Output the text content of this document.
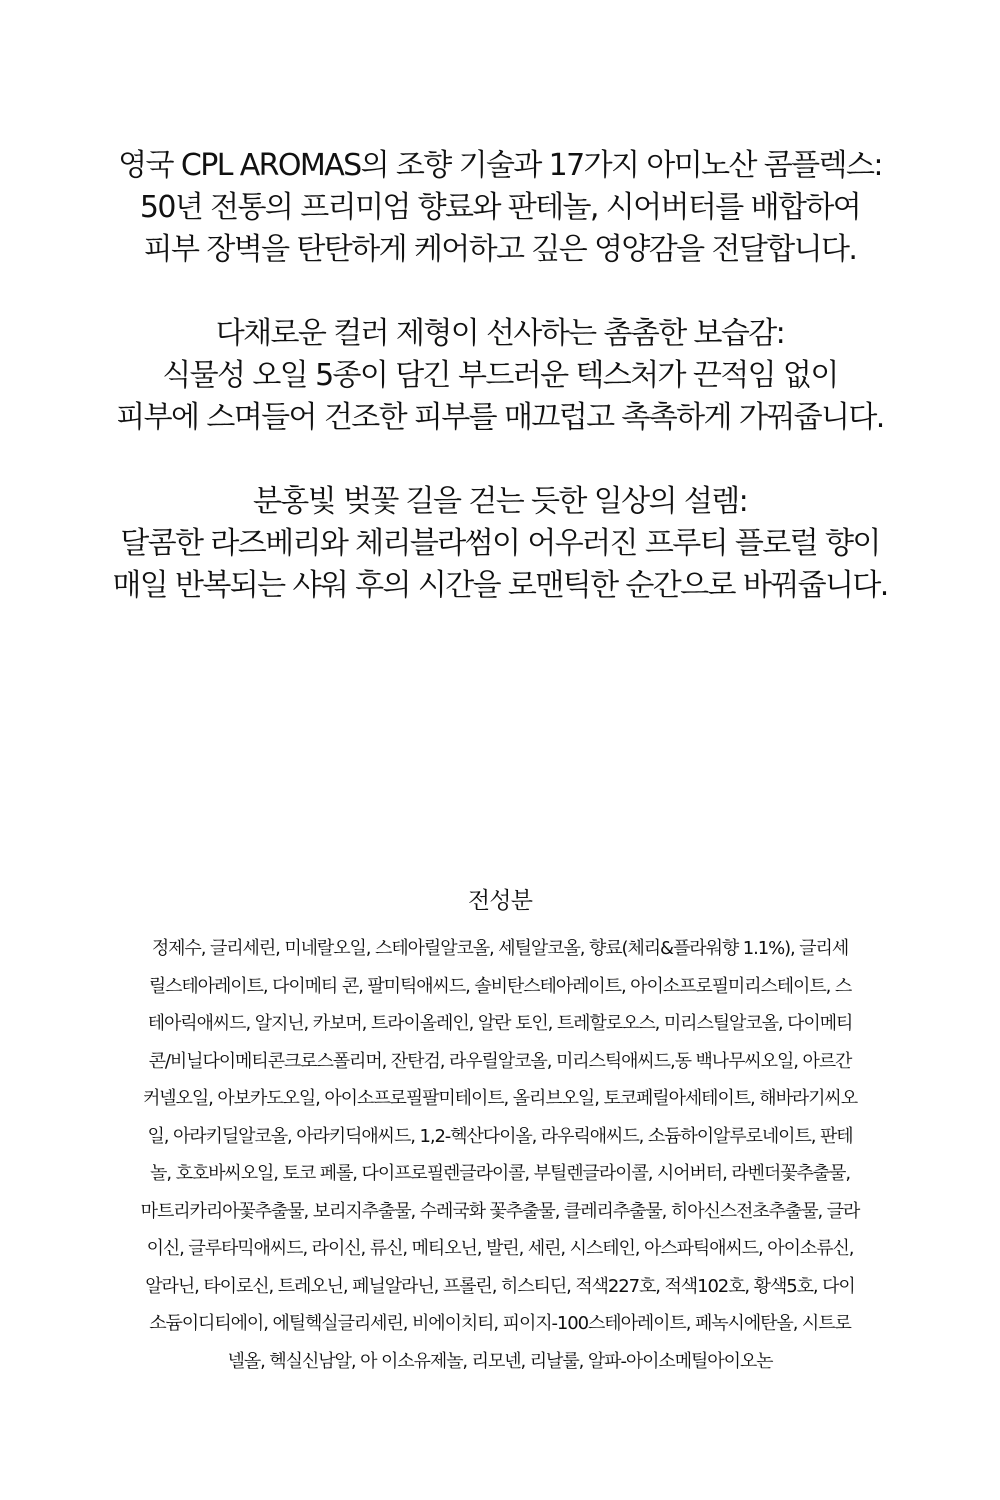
영국 CPL AROMAS의 조향 기술과 17가지 아미노산 콤플렉스:
50년 전통의 프리미엄 향료와 판테놀, 시어버터를 배합하여
피부 장벽을 탄탄하게 케어하고 깊은 영양감을 전달합니다.
다채로운 컬러 제형이 선사하는 촘촘한 보습감:
식물성 오일 5종이 담긴 부드러운 텍스처가 끈적임 없이
피부에 스며들어 건조한 피부를 매끄럽고 촉촉하게 가꿔줍니다.
분홍빛 벚꽃 길을 걷는 듯한 일상의 설렘:
달콤한 라즈베리와 체리블라썸이 어우러진 프루티 플로럴 향이
매일 반복되는 샤워 후의 시간을 로맨틱한 순간으로 바꿔줍니다.
전성분
정제수, 글리세린, 미네랄오일, 스테아릴알코올, 세틸알코올, 향료(체리&플라워향 1.1%), 글리세
릴스테아레이트, 다이메티 콘, 팔미틱애씨드, 솔비탄스테아레이트, 아이소프로필미리스테이트, 스
테아릭애씨드, 알지닌, 카보머, 트라이올레인, 알란 토인, 트레할로오스, 미리스틸알코올, 다이메티
콘/비닐다이메티콘크로스폴리머, 잔탄검, 라우릴알코올, 미리스틱애씨드,동 백나무씨오일, 아르간
커넬오일, 아보카도오일, 아이소프로필팔미테이트, 올리브오일, 토코페릴아세테이트, 해바라기씨오
일, 아라키딜알코올, 아라키딕애씨드, 1,2-헥산다이올, 라우릭애씨드, 소듐하이알루로네이트, 판테
놀, 호호바씨오일, 토코 페롤, 다이프로필렌글라이콜, 부틸렌글라이콜, 시어버터, 라벤더꽃추출물,
마트리카리아꽃추출물, 보리지추출물, 수레국화 꽃추출물, 클레리추출물, 히아신스전초추출물, 글라
이신, 글루타믹애씨드, 라이신, 류신, 메티오닌, 발린, 세린, 시스테인, 아스파틱애씨드, 아이소류신,
알라닌, 타이로신, 트레오닌, 페닐알라닌, 프롤린, 히스티딘, 적색227호, 적색102호, 황색5호, 다이
소듐이디티에이, 에틸헥실글리세린, 비에이치티, 피이지-100스테아레이트, 페녹시에탄올, 시트로
넬올, 헥실신남알, 아 이소유제놀, 리모넨, 리날룰, 알파-아이소메틸아이오논
